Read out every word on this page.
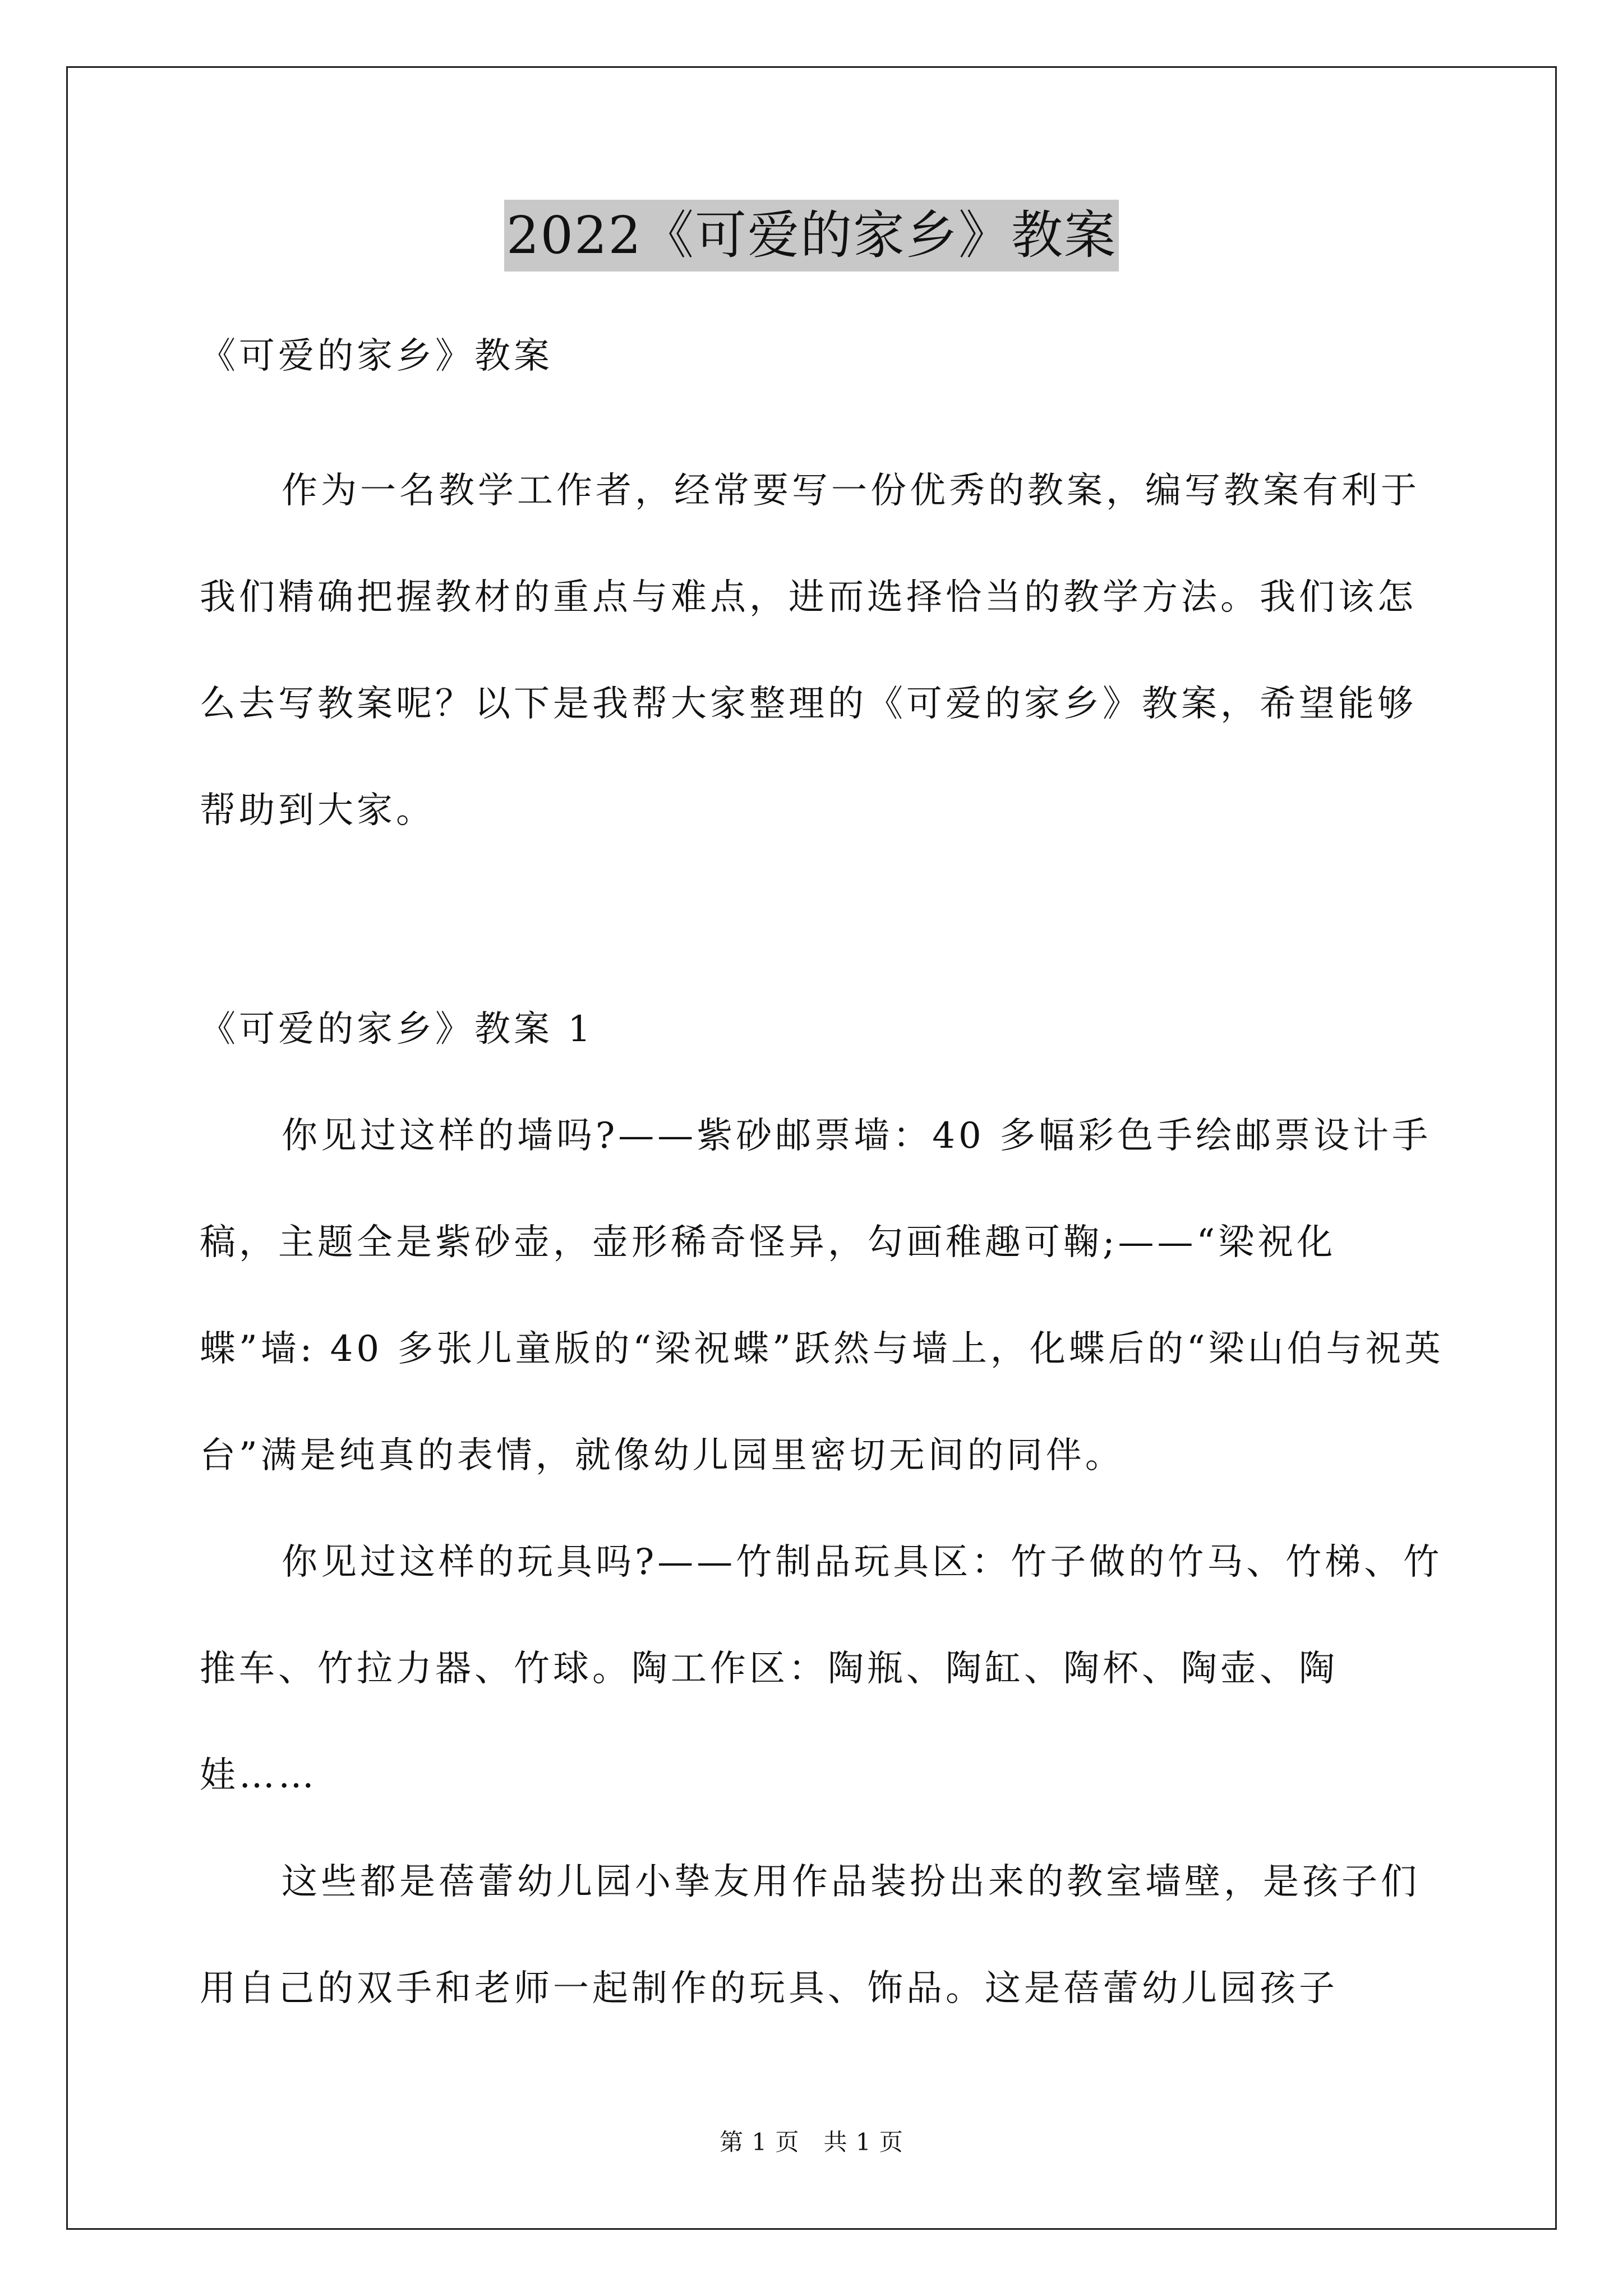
2022《可爱的家乡》教案
《可爱的家乡》教案

作为一名教学工作者，经常要写一份优秀的教案，编写教案有利于我们精确把握教材的重点与难点，进而选择恰当的教学方法。我们该怎么去写教案呢？以下是我帮大家整理的《可爱的家乡》教案，希望能够帮助到大家。

《可爱的家乡》教案 1

你见过这样的墙吗?——紫砂邮票墙：40 多幅彩色手绘邮票设计手稿，主题全是紫砂壶，壶形稀奇怪异，勾画稚趣可鞠;——“梁祝化蝶”墙: 40 多张儿童版的“梁祝蝶”跃然与墙上，化蝶后的“梁山伯与祝英台”满是纯真的表情，就像幼儿园里密切无间的同伴。

你见过这样的玩具吗?——竹制品玩具区：竹子做的竹马、竹梯、竹推车、竹拉力器、竹球。陶工作区：陶瓶、陶缸、陶杯、陶壶、陶娃……

这些都是蓓蕾幼儿园小挚友用作品装扮出来的教室墙壁，是孩子们用自己的双手和老师一起制作的玩具、饰品。这是蓓蕾幼儿园孩子

第 1 页　共 1 页
